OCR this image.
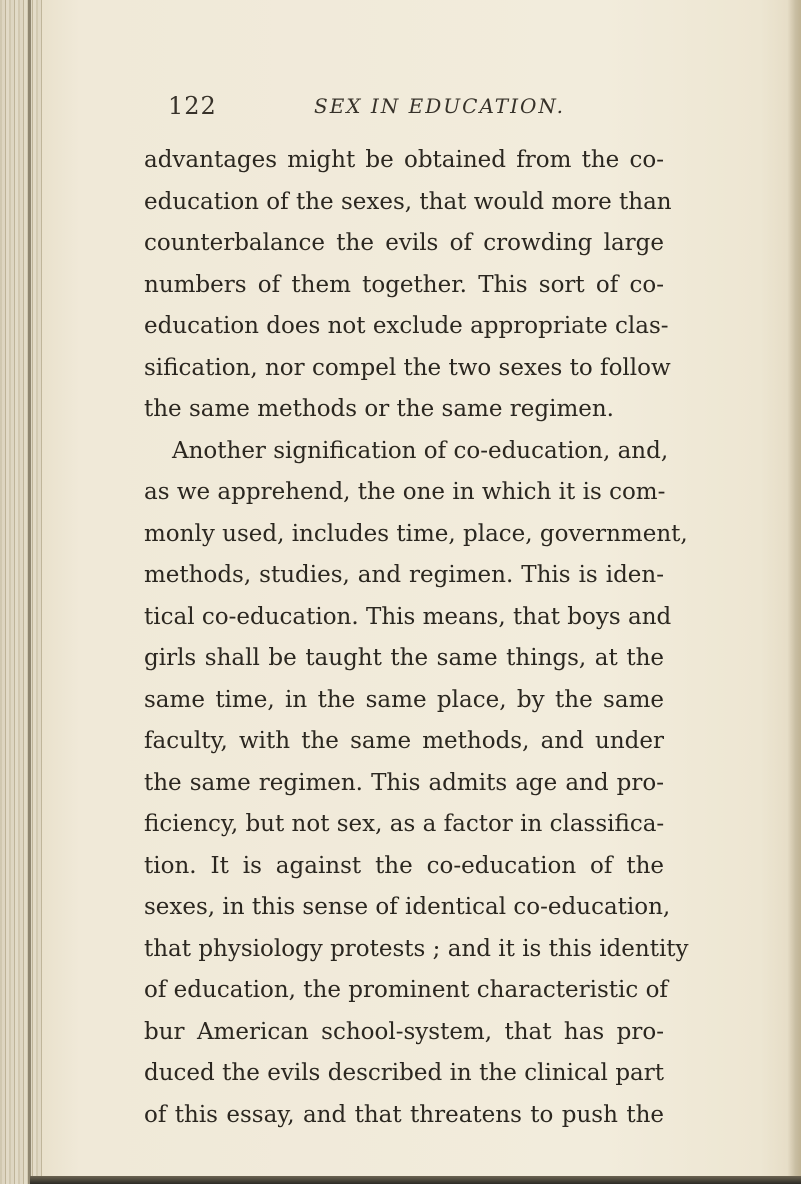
122	SEX IN EDUCATION.
advantages might be obtained from the co-
education of the sexes, that would more than
counterbalance the evils of crowding large
numbers of them together. This sort of co-
education does not exclude appropriate clas-
sification, nor compel the two sexes to follow
the same methods or the same regimen.
Another signification of co-education, and,
as we apprehend, the one in which it is com-
monly used, includes time, place, government,
methods, studies, and regimen. This is iden-
tical co-education. This means, that boys and
girls shall be taught the same things, at the
same time, in the same place, by the same
faculty, with the same methods, and under
the same regimen. This admits age and pro-
ficiency, but not sex, as a factor in classifica-
tion. It is against the co-education of the
sexes, in this sense of identical co-education,
that physiology protests ; and it is this identity
of education, the prominent characteristic of
bur American school-system, that has pro-
duced the evils described in the clinical part
of this essay, and that threatens to push the
